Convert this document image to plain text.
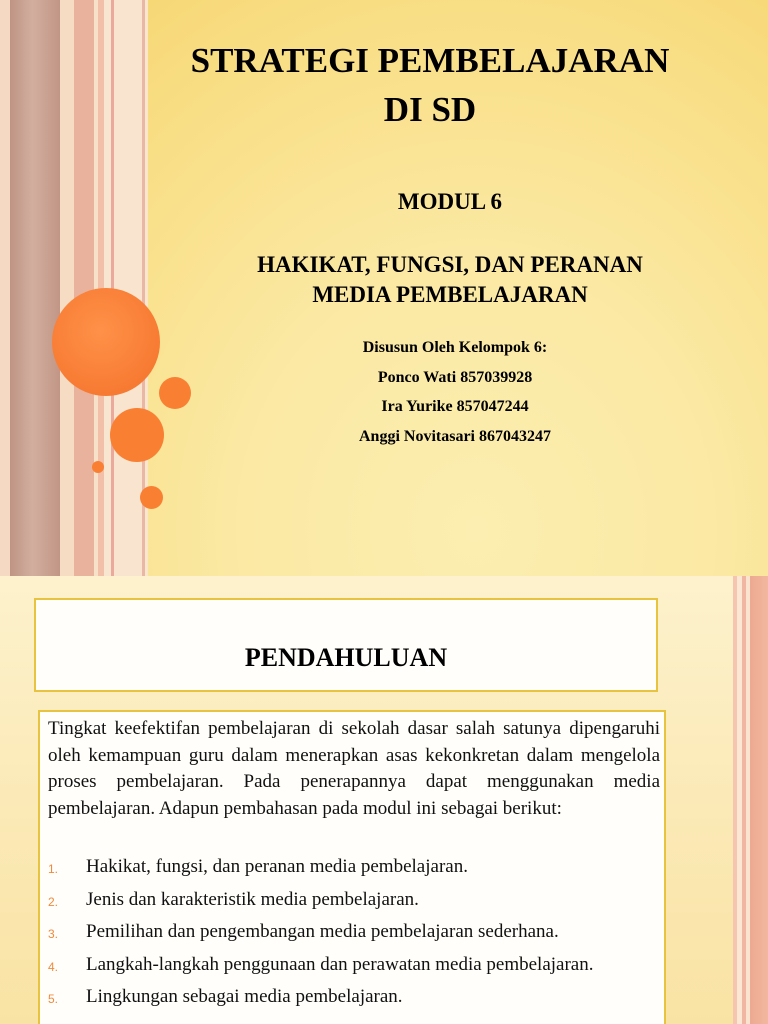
STRATEGI PEMBELAJARAN
DI SD
MODUL 6
HAKIKAT, FUNGSI, DAN PERANAN
MEDIA PEMBELAJARAN
Disusun Oleh Kelompok 6:
Ponco Wati 857039928
Ira Yurike 857047244
Anggi Novitasari 867043247
PENDAHULUAN
Tingkat keefektifan pembelajaran di sekolah dasar salah satunya dipengaruhi oleh kemampuan guru dalam menerapkan asas kekonkretan dalam mengelola proses pembelajaran. Pada penerapannya dapat menggunakan media pembelajaran. Adapun pembahasan pada modul ini sebagai berikut:
1.	Hakikat, fungsi, dan peranan media pembelajaran.
2.	Jenis dan karakteristik media pembelajaran.
3.	Pemilihan dan pengembangan media pembelajaran sederhana.
4.	Langkah-langkah penggunaan dan perawatan media pembelajaran.
5.	Lingkungan sebagai media pembelajaran.
